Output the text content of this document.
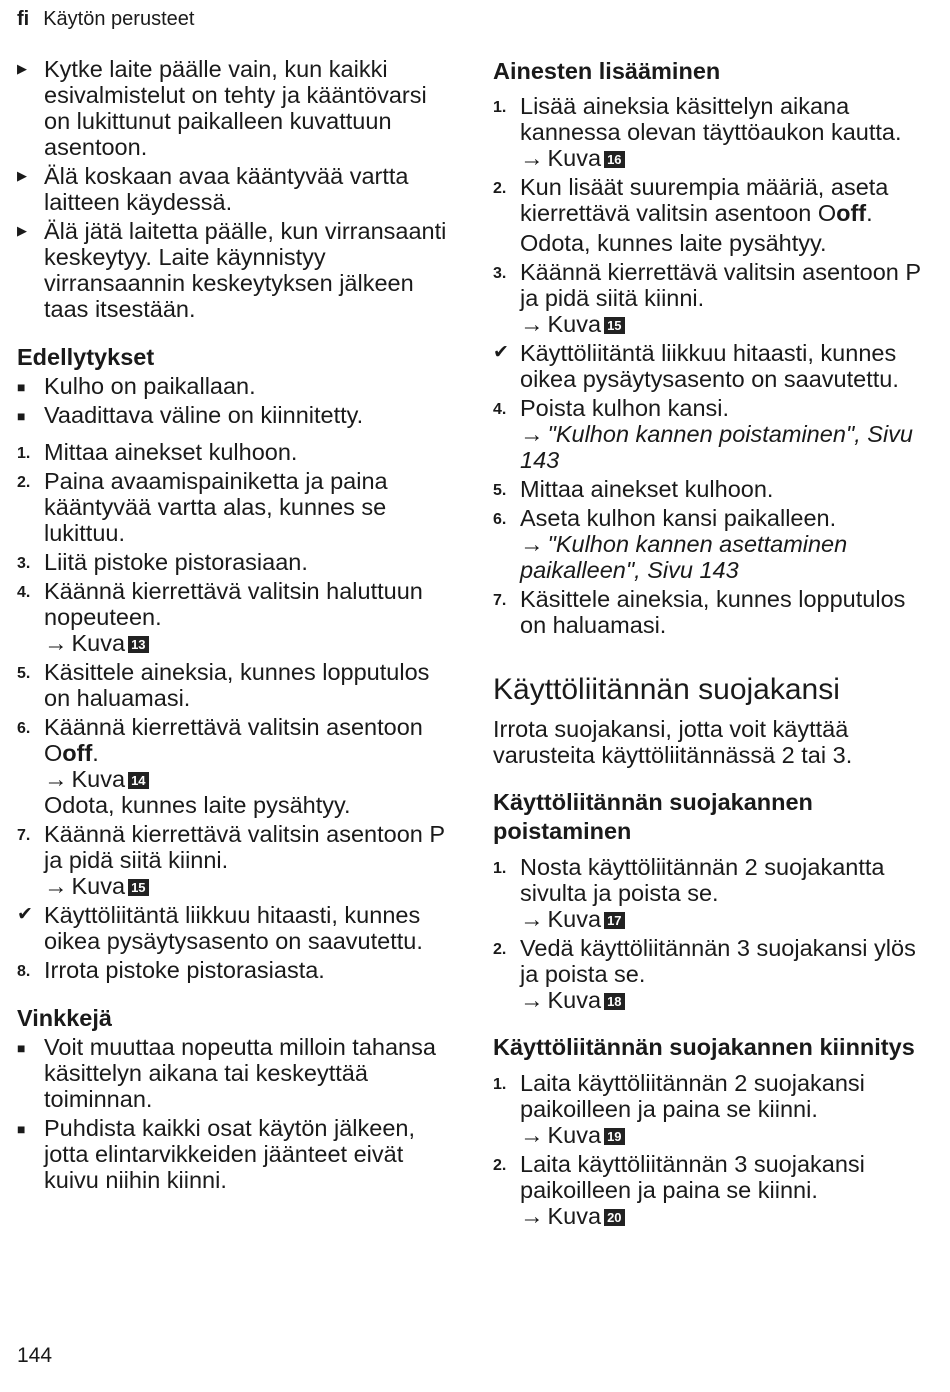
fi Käytön perusteet
▶ Kytke laite päälle vain, kun kaikki esivalmistelut on tehty ja kääntövarsi on lukittunut paikalleen kuvattuun asentoon.
▶ Älä koskaan avaa kääntyvää vartta laitteen käydessä.
▶ Älä jätä laitetta päälle, kun virransaanti keskeytyy. Laite käynnistyy virransaannin keskeytyksen jälkeen taas itsestään.
Edellytykset
■ Kulho on paikallaan.
■ Vaadittava väline on kiinnitetty.
1. Mittaa ainekset kulhoon.
2. Paina avaamispainiketta ja paina kääntyvää vartta alas, kunnes se lukittuu.
3. Liitä pistoke pistorasiaan.
4. Käännä kierrettävä valitsin haluttuun nopeuteen.
→ Kuva 13
5. Käsittele aineksia, kunnes lopputulos on haluamasi.
6. Käännä kierrettävä valitsin asentoon Ooff.
→ Kuva 14
Odota, kunnes laite pysähtyy.
7. Käännä kierrettävä valitsin asentoon P ja pidä siitä kiinni.
→ Kuva 15
✔ Käyttöliitäntä liikkuu hitaasti, kunnes oikea pysäytysasento on saavutettu.
8. Irrota pistoke pistorasiasta.
Vinkkejä
■ Voit muuttaa nopeutta milloin tahansa käsittelyn aikana tai keskeyttää toiminnan.
■ Puhdista kaikki osat käytön jälkeen, jotta elintarvikkeiden jäänteet eivät kuivu niihin kiinni.
Ainesten lisääminen
1. Lisää aineksia käsittelyn aikana kannessa olevan täyttöaukon kautta.
→ Kuva 16
2. Kun lisäät suurempia määriä, aseta kierrettävä valitsin asentoon Ooff.
Odota, kunnes laite pysähtyy.
3. Käännä kierrettävä valitsin asentoon P ja pidä siitä kiinni.
→ Kuva 15
✔ Käyttöliitäntä liikkuu hitaasti, kunnes oikea pysäytysasento on saavutettu.
4. Poista kulhon kansi.
→ "Kulhon kannen poistaminen", Sivu 143
5. Mittaa ainekset kulhoon.
6. Aseta kulhon kansi paikalleen.
→ "Kulhon kannen asettaminen paikalleen", Sivu 143
7. Käsittele aineksia, kunnes lopputulos on haluamasi.
Käyttöliitännän suojakansi
Irrota suojakansi, jotta voit käyttää varusteita käyttöliitännässä 2 tai 3.
Käyttöliitännän suojakannen poistaminen
1. Nosta käyttöliitännän 2 suojakantta sivulta ja poista se.
→ Kuva 17
2. Vedä käyttöliitännän 3 suojakansi ylös ja poista se.
→ Kuva 18
Käyttöliitännän suojakannen kiinnitys
1. Laita käyttöliitännän 2 suojakansi paikoilleen ja paina se kiinni.
→ Kuva 19
2. Laita käyttöliitännän 3 suojakansi paikoilleen ja paina se kiinni.
→ Kuva 20
144
